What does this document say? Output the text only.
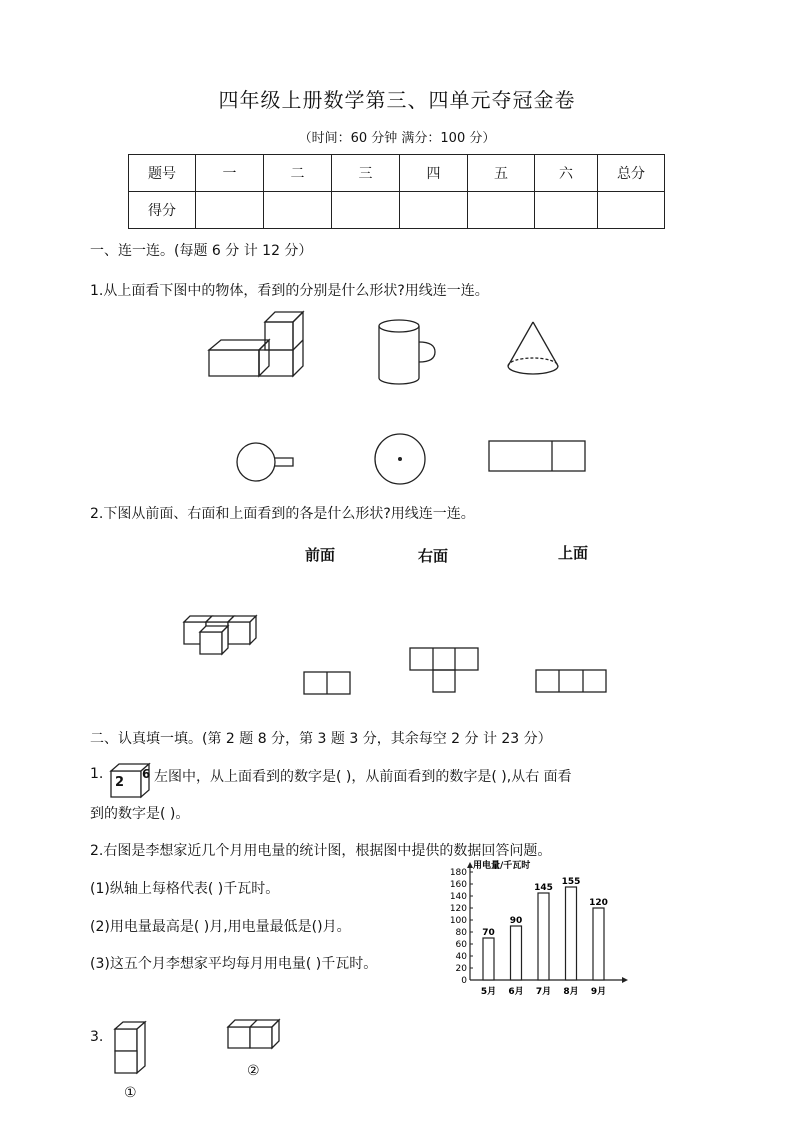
四年级上册数学第三、四单元夺冠金卷
（时间：60 分钟 满分：100 分）
题号	一	二	三	四	五	六	总分
得分							
一、连一连。(每题 6 分 计 12 分）
1.从上面看下图中的物体，看到的分别是什么形状?用线连一连。
2.下图从前面、右面和上面看到的各是什么形状?用线连一连。
前面	右面	上面
二、认真填一填。(第 2 题 8 分，第 3 题 3 分，其余每空 2 分 计 23 分）
1.
2
6 左图中，从上面看到的数字是( )，从前面看到的数字是( ),从右 面看
到的数字是( )。
2.右图是李想家近几个月用电量的统计图，根据图中提供的数据回答问题。
(1)纵轴上每格代表( )千瓦时。
(2)用电量最高是( )月,用电量最低是()月。
(3)这五个月李想家平均每月用电量( )千瓦时。
0
20
40
60
80
100
120
140
160
180
用电量/千瓦时
70
5月
90
6月
145
7月
155
8月
120
9月
3.
①
②
